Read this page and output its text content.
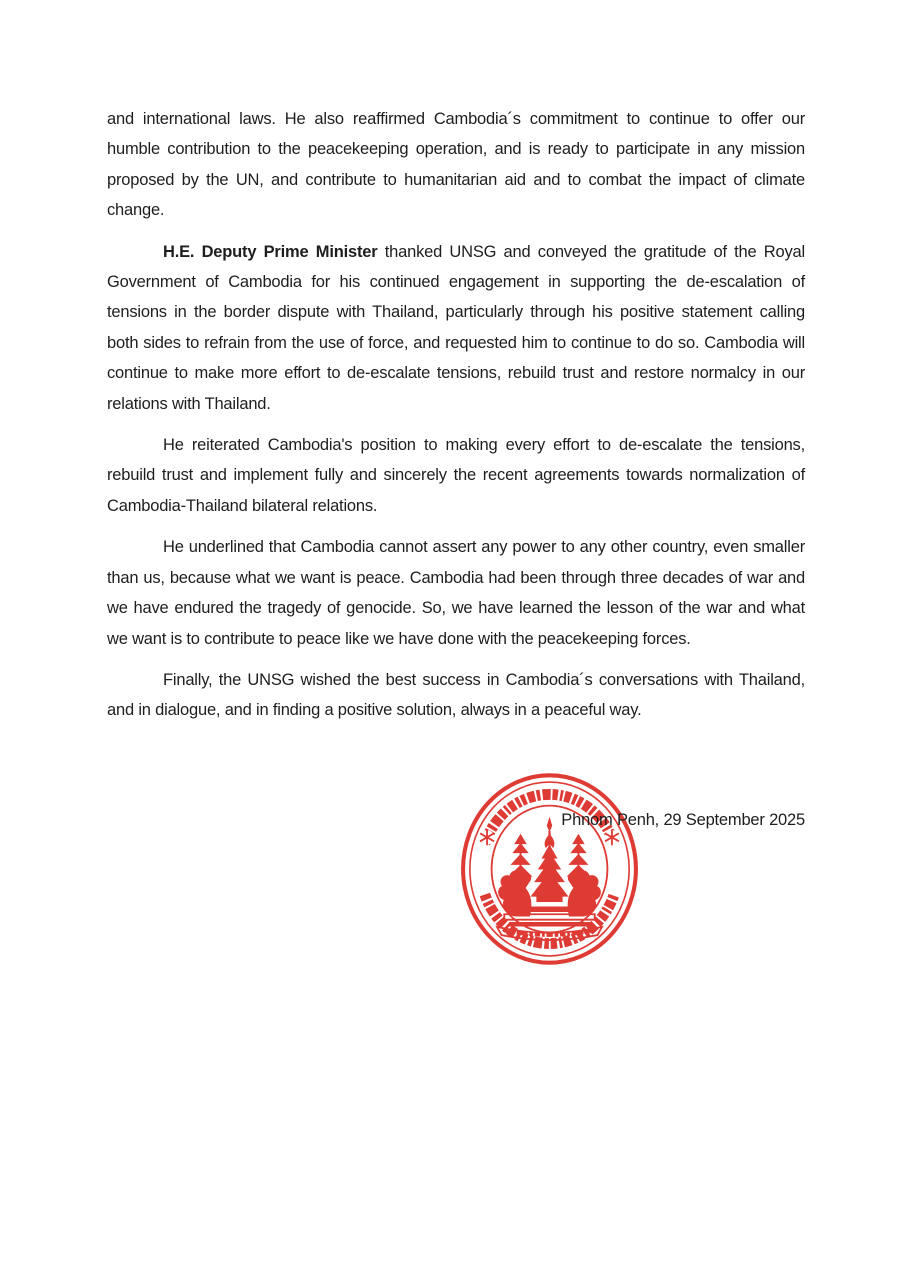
and international laws. He also reaffirmed Cambodia´s commitment to continue to offer our humble contribution to the peacekeeping operation, and is ready to participate in any mission proposed by the UN, and contribute to humanitarian aid and to combat the impact of climate change.

H.E. Deputy Prime Minister thanked UNSG and conveyed the gratitude of the Royal Government of Cambodia for his continued engagement in supporting the de-escalation of tensions in the border dispute with Thailand, particularly through his positive statement calling both sides to refrain from the use of force, and requested him to continue to do so. Cambodia will continue to make more effort to de-escalate tensions, rebuild trust and restore normalcy in our relations with Thailand.

He reiterated Cambodia's position to making every effort to de-escalate the tensions, rebuild trust and implement fully and sincerely the recent agreements towards normalization of Cambodia-Thailand bilateral relations.

He underlined that Cambodia cannot assert any power to any other country, even smaller than us, because what we want is peace. Cambodia had been through three decades of war and we have endured the tragedy of genocide. So, we have learned the lesson of the war and what we want is to contribute to peace like we have done with the peacekeeping forces.

Finally, the UNSG wished the best success in Cambodia´s conversations with Thailand, and in dialogue, and in finding a positive solution, always in a peaceful way.

Phnom Penh, 29 September 2025
